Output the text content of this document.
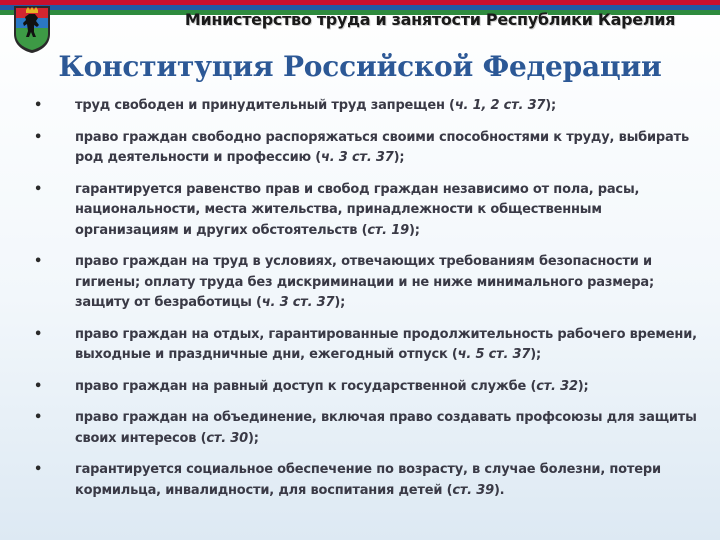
Министерство труда и занятости Республики Карелия
Конституция Российской Федерации
•	труд свободен и принудительный труд запрещен (ч. 1, 2 ст. 37);
•	право граждан свободно распоряжаться своими способностями к труду, выбирать род деятельности и профессию (ч. 3 ст. 37);
•	гарантируется равенство прав и свобод граждан независимо от пола, расы, национальности, места жительства, принадлежности к общественным организациям и других обстоятельств (ст. 19);
•	право граждан на труд в условиях, отвечающих требованиям безопасности и гигиены; оплату труда без дискриминации и не ниже минимального размера; защиту от безработицы (ч. 3 ст. 37);
•	право граждан на отдых, гарантированные продолжительность рабочего времени, выходные и праздничные дни, ежегодный отпуск (ч. 5 ст. 37);
•	право граждан на равный доступ к государственной службе (ст. 32);
•	право граждан на объединение, включая право создавать профсоюзы для защиты своих интересов (ст. 30);
•	гарантируется социальное обеспечение по возрасту, в случае болезни, потери кормильца, инвалидности, для воспитания детей (ст. 39).
